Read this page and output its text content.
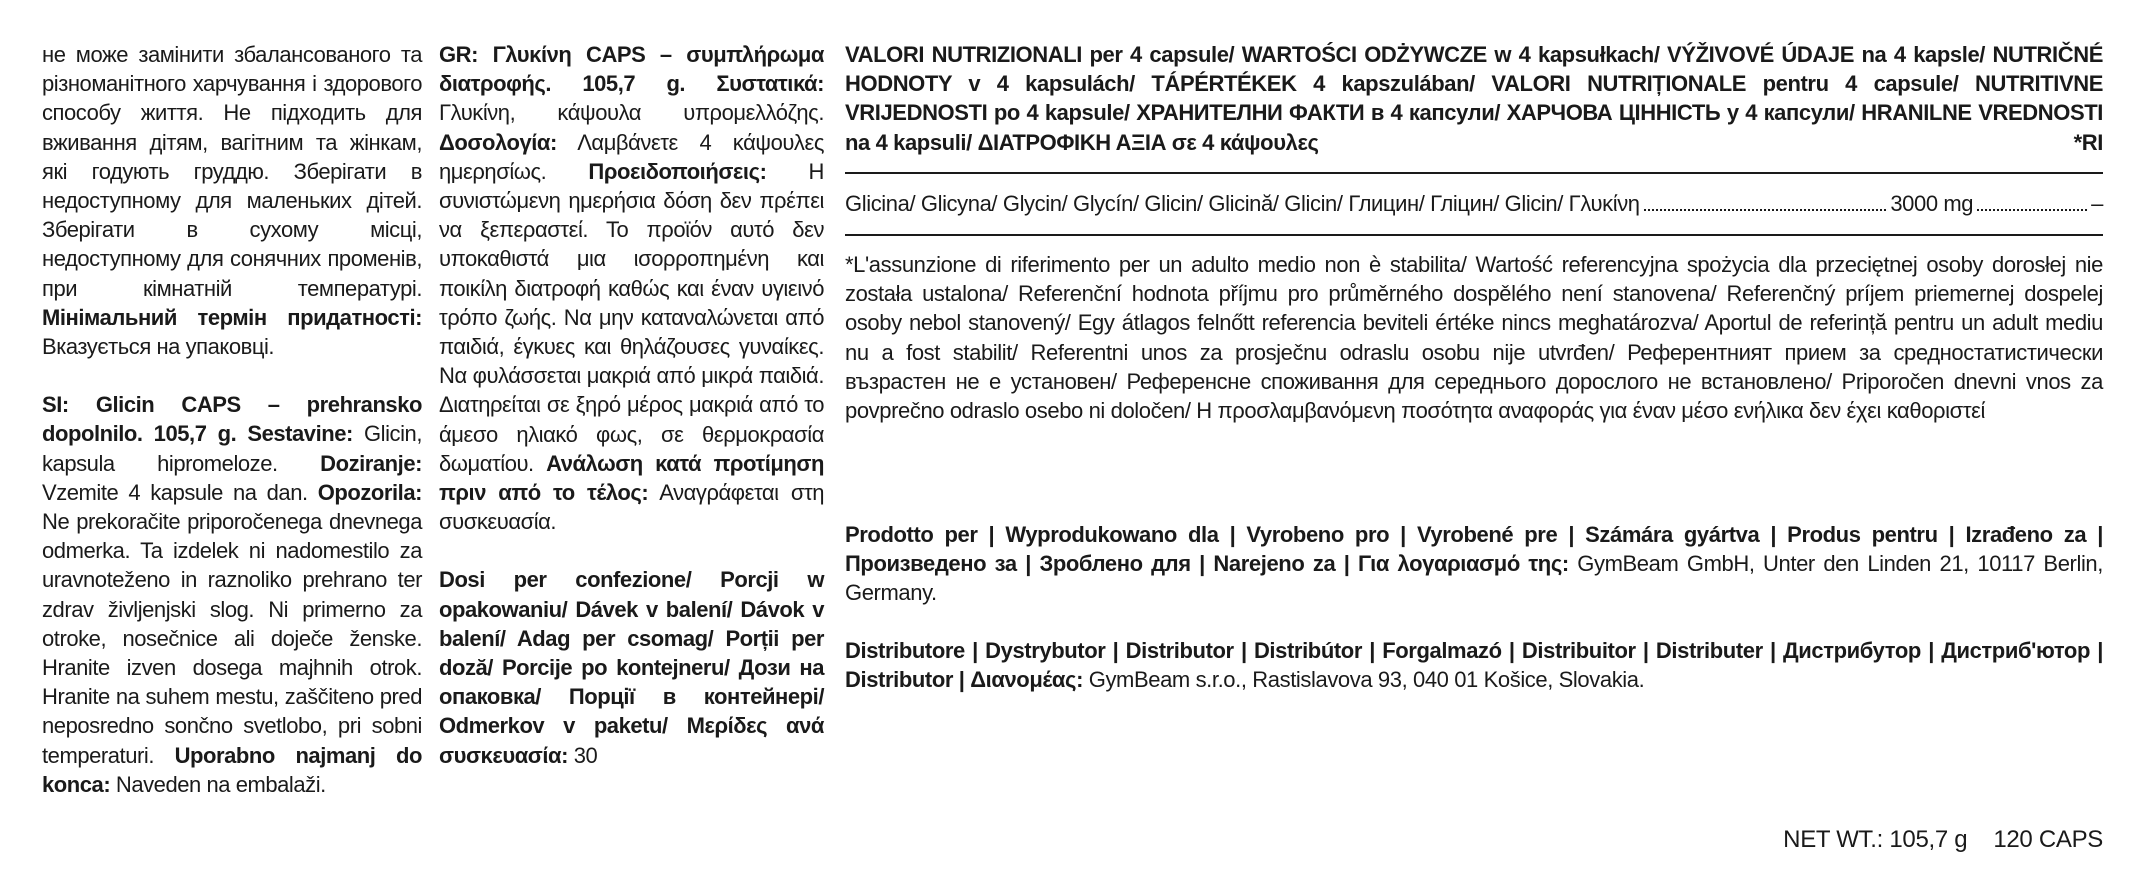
не може замінити збалансованого та різноманітного харчування і здорового способу життя. Не підходить для вживання дітям, вагітним та жінкам, які годують груддю. Зберігати в недоступному для маленьких дітей. Зберігати в сухому місці, недоступному для сонячних променів, при кімнатній температурі. Мінімальний термін придатності: Вказується на упаковці.

SI: Glicin CAPS – prehransko dopolnilo. 105,7 g. Sestavine: Glicin, kapsula hipromeloze. Doziranje: Vzemite 4 kapsule na dan. Opozorila: Ne prekoračite priporočenega dnevnega odmerka. Ta izdelek ni nadomestilo za uravnoteženo in raznoliko prehrano ter zdrav življenjski slog. Ni primerno za otroke, nosečnice ali doječe ženske. Hranite izven dosega majhnih otrok. Hranite na suhem mestu, zaščiteno pred neposredno sončno svetlobo, pri sobni temperaturi. Uporabno najmanj do konca: Naveden na embalaži.

GR: Γλυκίνη CAPS – συμπλήρωμα διατροφής. 105,7 g. Συστατικά: Γλυκίνη, κάψουλα υπρομελλόζης. Δοσολογία: Λαμβάνετε 4 κάψουλες ημερησίως. Προειδοποιήσεις: Η συνιστώμενη ημερήσια δόση δεν πρέπει να ξεπεραστεί. Το προϊόν αυτό δεν υποκαθιστά μια ισορροπημένη και ποικίλη διατροφή καθώς και έναν υγιεινό τρόπο ζωής. Να μην καταναλώνεται από παιδιά, έγκυες και θηλάζουσες γυναίκες. Να φυλάσσεται μακριά από μικρά παιδιά. Διατηρείται σε ξηρό μέρος μακριά από το άμεσο ηλιακό φως, σε θερμοκρασία δωματίου. Ανάλωση κατά προτίμηση πριν από το τέλος: Αναγράφεται στη συσκευασία.

Dosi per confezione/ Porcji w opakowaniu/ Dávek v balení/ Dávok v balení/ Adag per csomag/ Porții per doză/ Porcije po kontejneru/ Дози на опаковка/ Порції в контейнері/ Odmerkov v paketu/ Μερίδες ανά συσκευασία: 30

VALORI NUTRIZIONALI per 4 capsule/ WARTOŚCI ODŻYWCZE w 4 kapsułkach/ VÝŽIVOVÉ ÚDAJE na 4 kapsle/ NUTRIČNÉ HODNOTY v 4 kapsulách/ TÁPÉRTÉKEK 4 kapszulában/ VALORI NUTRIȚIONALE pentru 4 capsule/ NUTRITIVNE VRIJEDNOSTI po 4 kapsule/ ХРАНИТЕЛНИ ФАКТИ в 4 капсули/ ХАРЧОВА ЦІННІСТЬ у 4 капсули/ HRANILNE VREDNOSTI na 4 kapsuli/ ΔΙΑΤΡΟΦΙΚΗ ΑΞΙΑ σε 4 κάψουλες	*RI
Glicina/ Glicyna/ Glycin/ Glycín/ Glicin/ Glicină/ Glicin/ Глицин/ Гліцин/ Glicin/ Γλυκίνη	3000 mg	–

*L'assunzione di riferimento per un adulto medio non è stabilita/ Wartość referencyjna spożycia dla przeciętnej osoby dorosłej nie została ustalona/ Referenční hodnota příjmu pro průměrného dospělého není stanovena/ Referenčný príjem priemernej dospelej osoby nebol stanovený/ Egy átlagos felnőtt referencia beviteli értéke nincs meghatározva/ Aportul de referință pentru un adult mediu nu a fost stabilit/ Referentni unos za prosječnu odraslu osobu nije utvrđen/ Референтният прием за средностатистически възрастен не е установен/ Референсне споживання для середнього дорослого не встановлено/ Priporočen dnevni vnos za povprečno odraslo osebo ni določen/ Η προσλαμβανόμενη ποσότητα αναφοράς για έναν μέσο ενήλικα δεν έχει καθοριστεί

Prodotto per | Wyprodukowano dla | Vyrobeno pro | Vyrobené pre | Számára gyártva | Produs pentru | Izrađeno za | Произведено за | Зроблено для | Narejeno za | Για λογαριασμό της: GymBeam GmbH, Unter den Linden 21, 10117 Berlin, Germany.

Distributore | Dystrybutor | Distributor | Distribútor | Forgalmazó | Distribuitor | Distributer | Дистрибутор | Дистриб'ютор | Distributor | Διανομέας: GymBeam s.r.o., Rastislavova 93, 040 01 Košice, Slovakia.

NET WT.: 105,7 g 120 CAPS
